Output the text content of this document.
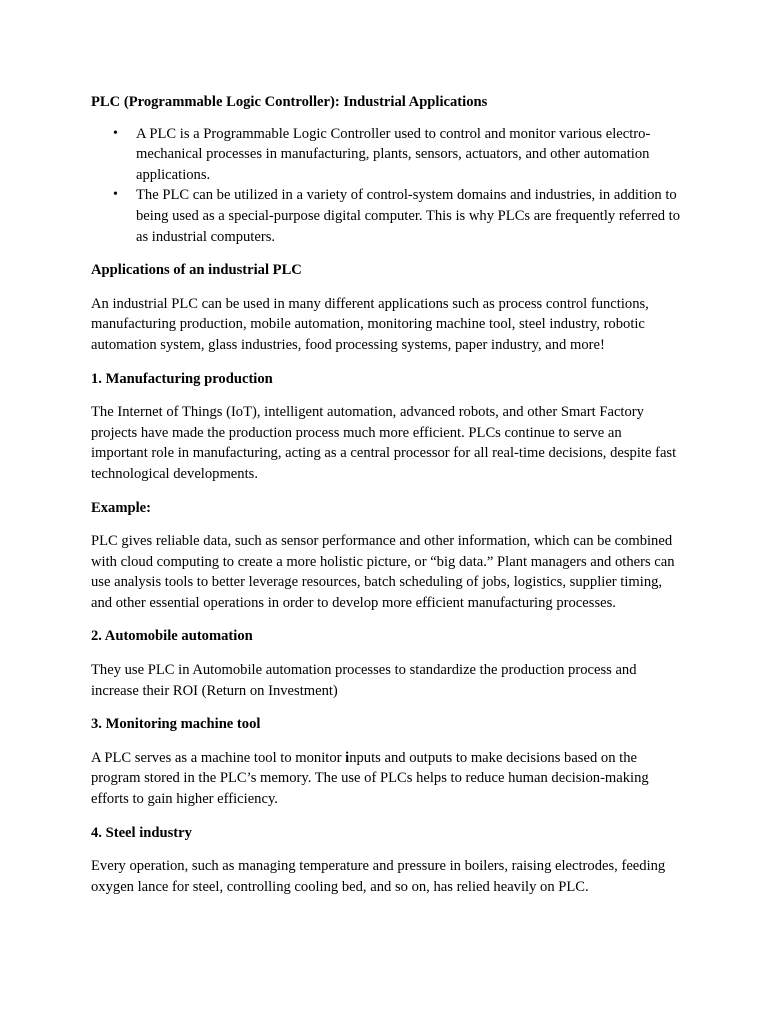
PLC (Programmable Logic Controller): Industrial Applications

• A PLC is a Programmable Logic Controller used to control and monitor various electro-mechanical processes in manufacturing, plants, sensors, actuators, and other automation applications.
• The PLC can be utilized in a variety of control-system domains and industries, in addition to being used as a special-purpose digital computer. This is why PLCs are frequently referred to as industrial computers.

Applications of an industrial PLC

An industrial PLC can be used in many different applications such as process control functions, manufacturing production, mobile automation, monitoring machine tool, steel industry, robotic automation system, glass industries, food processing systems, paper industry, and more!

1. Manufacturing production

The Internet of Things (IoT), intelligent automation, advanced robots, and other Smart Factory projects have made the production process much more efficient. PLCs continue to serve an important role in manufacturing, acting as a central processor for all real-time decisions, despite fast technological developments.

Example:

PLC gives reliable data, such as sensor performance and other information, which can be combined with cloud computing to create a more holistic picture, or “big data.” Plant managers and others can use analysis tools to better leverage resources, batch scheduling of jobs, logistics, supplier timing, and other essential operations in order to develop more efficient manufacturing processes.

2. Automobile automation

They use PLC in Automobile automation processes to standardize the production process and increase their ROI (Return on Investment)

3. Monitoring machine tool

A PLC serves as a machine tool to monitor inputs and outputs to make decisions based on the program stored in the PLC’s memory. The use of PLCs helps to reduce human decision-making efforts to gain higher efficiency.

4. Steel industry

Every operation, such as managing temperature and pressure in boilers, raising electrodes, feeding oxygen lance for steel, controlling cooling bed, and so on, has relied heavily on PLC.
